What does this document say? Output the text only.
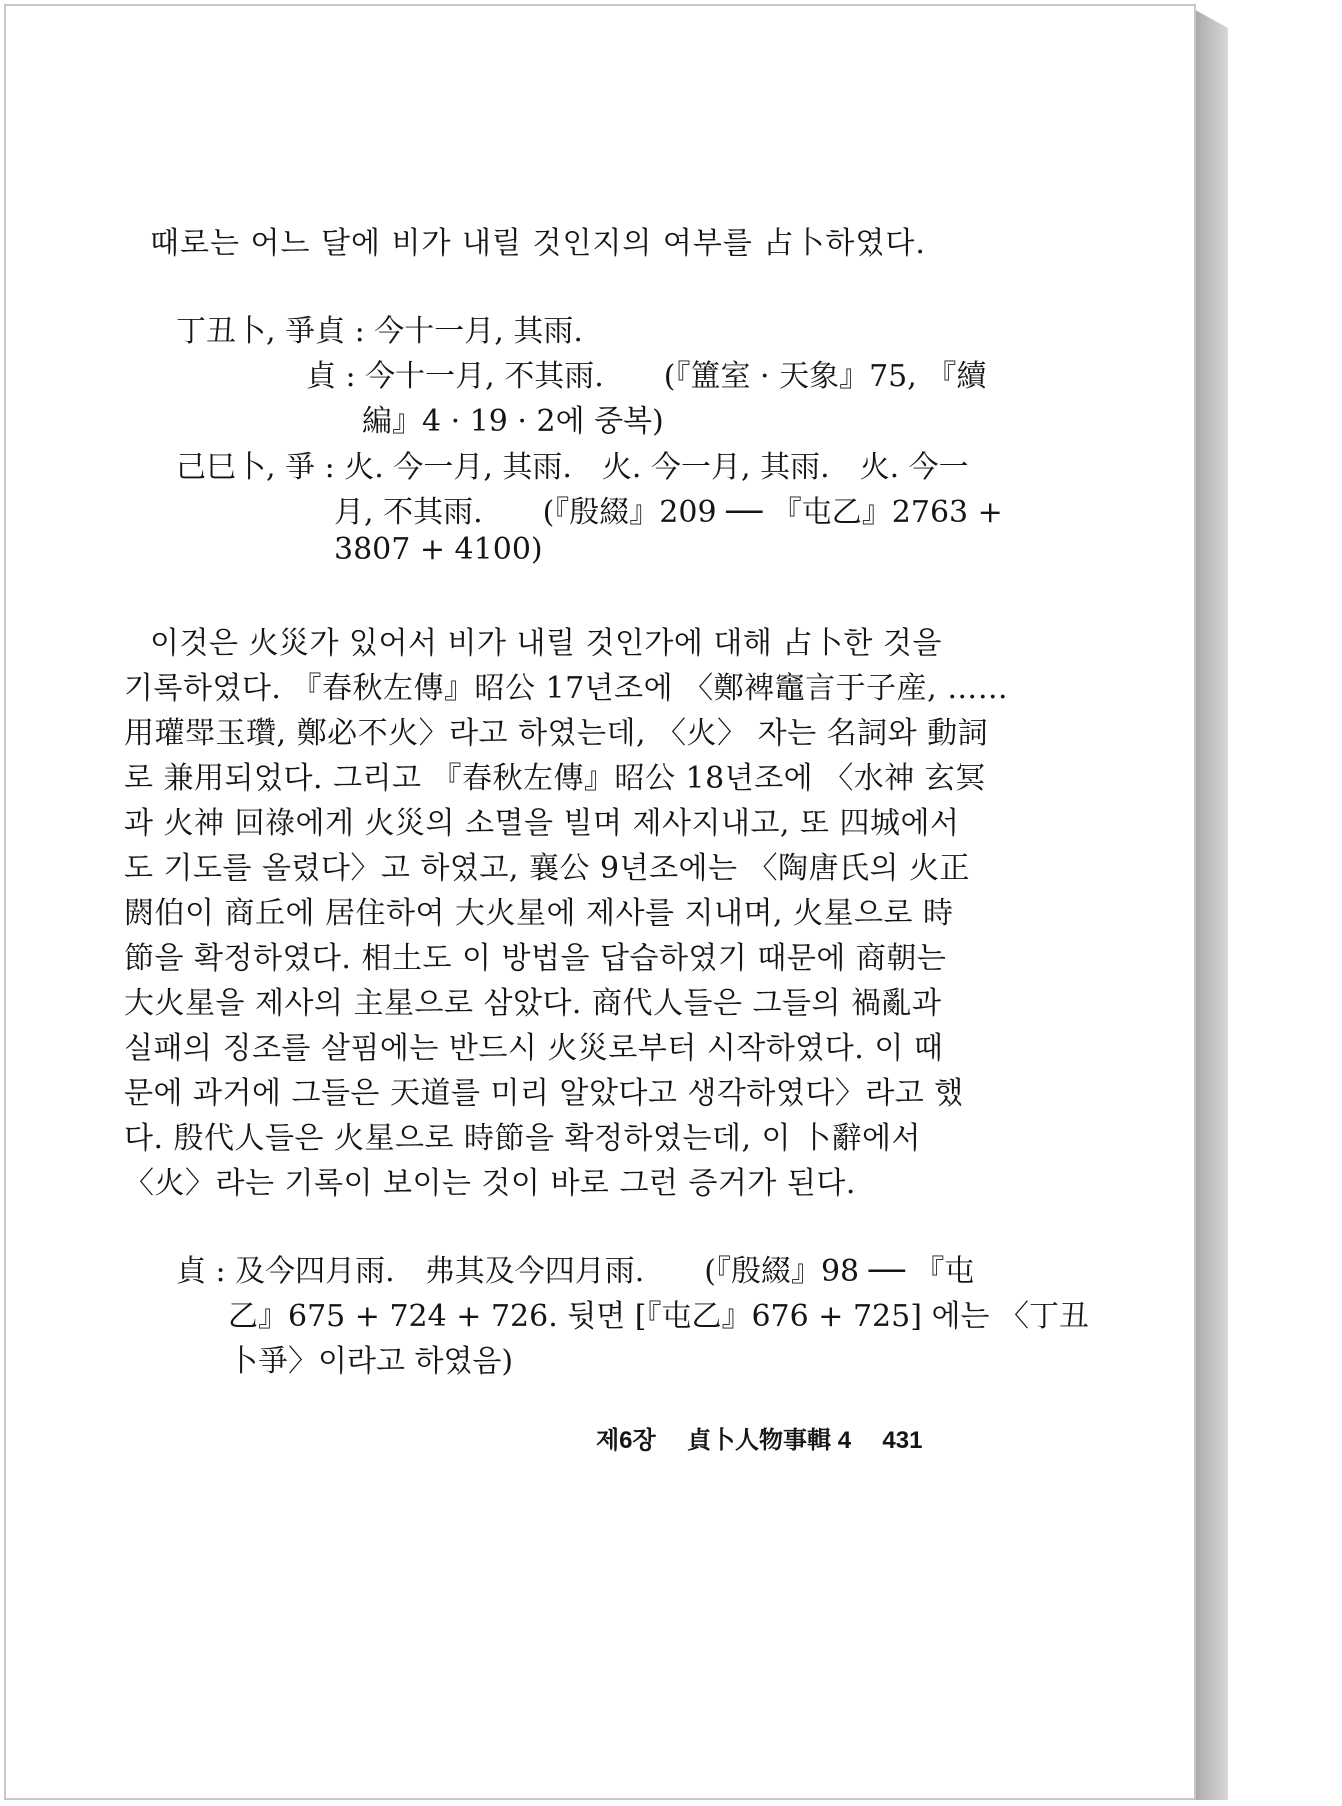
때로는 어느 달에 비가 내릴 것인지의 여부를 占卜하였다.
丁丑卜, 爭貞 : 今十一月, 其雨.
貞 : 今十一月, 不其雨.　　(『簠室 · 天象』75, 『續
編』4 · 19 · 2에 중복)
己巳卜, 爭 : 火. 今一月, 其雨.　火. 今一月, 其雨.　火. 今一
月, 不其雨.　　(『殷綴』209 ── 『屯乙』2763 +
3807 + 4100)
이것은 火災가 있어서 비가 내릴 것인가에 대해 占卜한 것을
기록하였다. 『春秋左傳』昭公 17년조에 〈鄭裨竈言于子産, ……
用瓘斝玉瓚, 鄭必不火〉라고 하였는데, 〈火〉 자는 名詞와 動詞
로 兼用되었다. 그리고 『春秋左傳』昭公 18년조에 〈水神 玄冥
과 火神 回祿에게 火災의 소멸을 빌며 제사지내고, 또 四城에서
도 기도를 올렸다〉고 하였고, 襄公 9년조에는 〈陶唐氏의 火正
閼伯이 商丘에 居住하여 大火星에 제사를 지내며, 火星으로 時
節을 확정하였다. 相土도 이 방법을 답습하였기 때문에 商朝는
大火星을 제사의 主星으로 삼았다. 商代人들은 그들의 禍亂과
실패의 징조를 살핌에는 반드시 火災로부터 시작하였다. 이 때
문에 과거에 그들은 天道를 미리 알았다고 생각하였다〉라고 했
다. 殷代人들은 火星으로 時節을 확정하였는데, 이 卜辭에서
〈火〉라는 기록이 보이는 것이 바로 그런 증거가 된다.
貞 : 及今四月雨.　弗其及今四月雨.　　(『殷綴』98 ── 『屯
乙』675 + 724 + 726. 뒷면 [『屯乙』676 + 725] 에는 〈丁丑
卜爭〉이라고 하였음)
제6장 貞卜人物事輯 4 431
